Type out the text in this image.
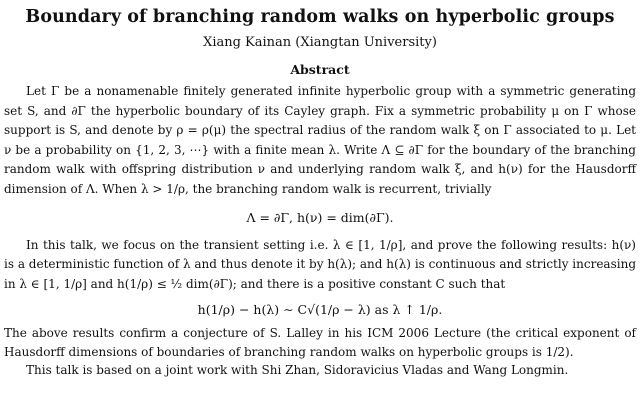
Boundary of branching random walks on hyperbolic groups
Xiang Kainan (Xiangtan University)
Abstract

Let Γ be a nonamenable finitely generated infinite hyperbolic group with a symmetric generating set S, and ∂Γ the hyperbolic boundary of its Cayley graph. Fix a symmetric probability μ on Γ whose support is S, and denote by ρ = ρ(μ) the spectral radius of the random walk ξ on Γ associated to μ. Let ν be a probability on {1, 2, 3, ⋯} with a finite mean λ. Write Λ ⊆ ∂Γ for the boundary of the branching random walk with offspring distribution ν and underlying random walk ξ, and h(ν) for the Hausdorff dimension of Λ. When λ > 1/ρ, the branching random walk is recurrent, trivially

Λ = ∂Γ, h(ν) = dim(∂Γ).

In this talk, we focus on the transient setting i.e. λ ∈ [1, 1/ρ], and prove the following results: h(ν) is a deterministic function of λ and thus denote it by h(λ); and h(λ) is continuous and strictly increasing in λ ∈ [1, 1/ρ] and h(1/ρ) ≤ ½ dim(∂Γ); and there is a positive constant C such that

h(1/ρ) − h(λ) ∼ C√(1/ρ − λ) as λ ↑ 1/ρ.

The above results confirm a conjecture of S. Lalley in his ICM 2006 Lecture (the critical exponent of Hausdorff dimensions of boundaries of branching random walks on hyperbolic groups is 1/2).

This talk is based on a joint work with Shi Zhan, Sidoravicius Vladas and Wang Longmin.
